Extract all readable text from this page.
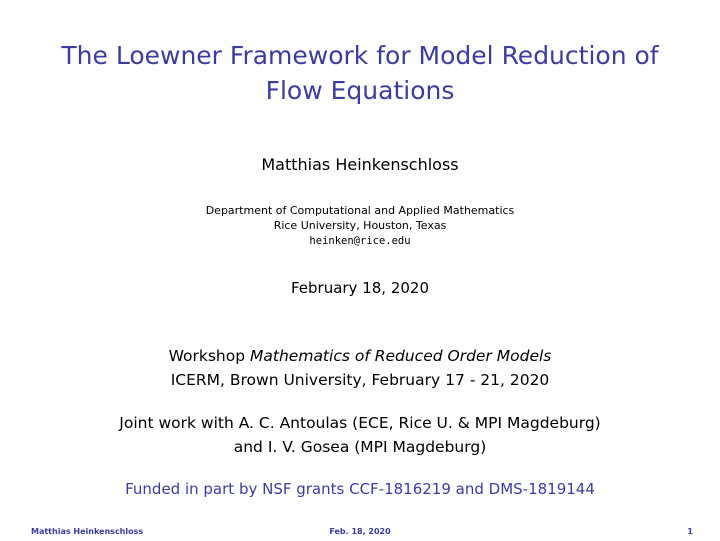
The Loewner Framework for Model Reduction of
Flow Equations
Matthias Heinkenschloss
Department of Computational and Applied Mathematics
Rice University, Houston, Texas
heinken@rice.edu
February 18, 2020
Workshop Mathematics of Reduced Order Models
ICERM, Brown University, February 17 - 21, 2020
Joint work with A. C. Antoulas (ECE, Rice U. & MPI Magdeburg)
and I. V. Gosea (MPI Magdeburg)
Funded in part by NSF grants CCF-1816219 and DMS-1819144
Matthias Heinkenschloss	Feb. 18, 2020	1
